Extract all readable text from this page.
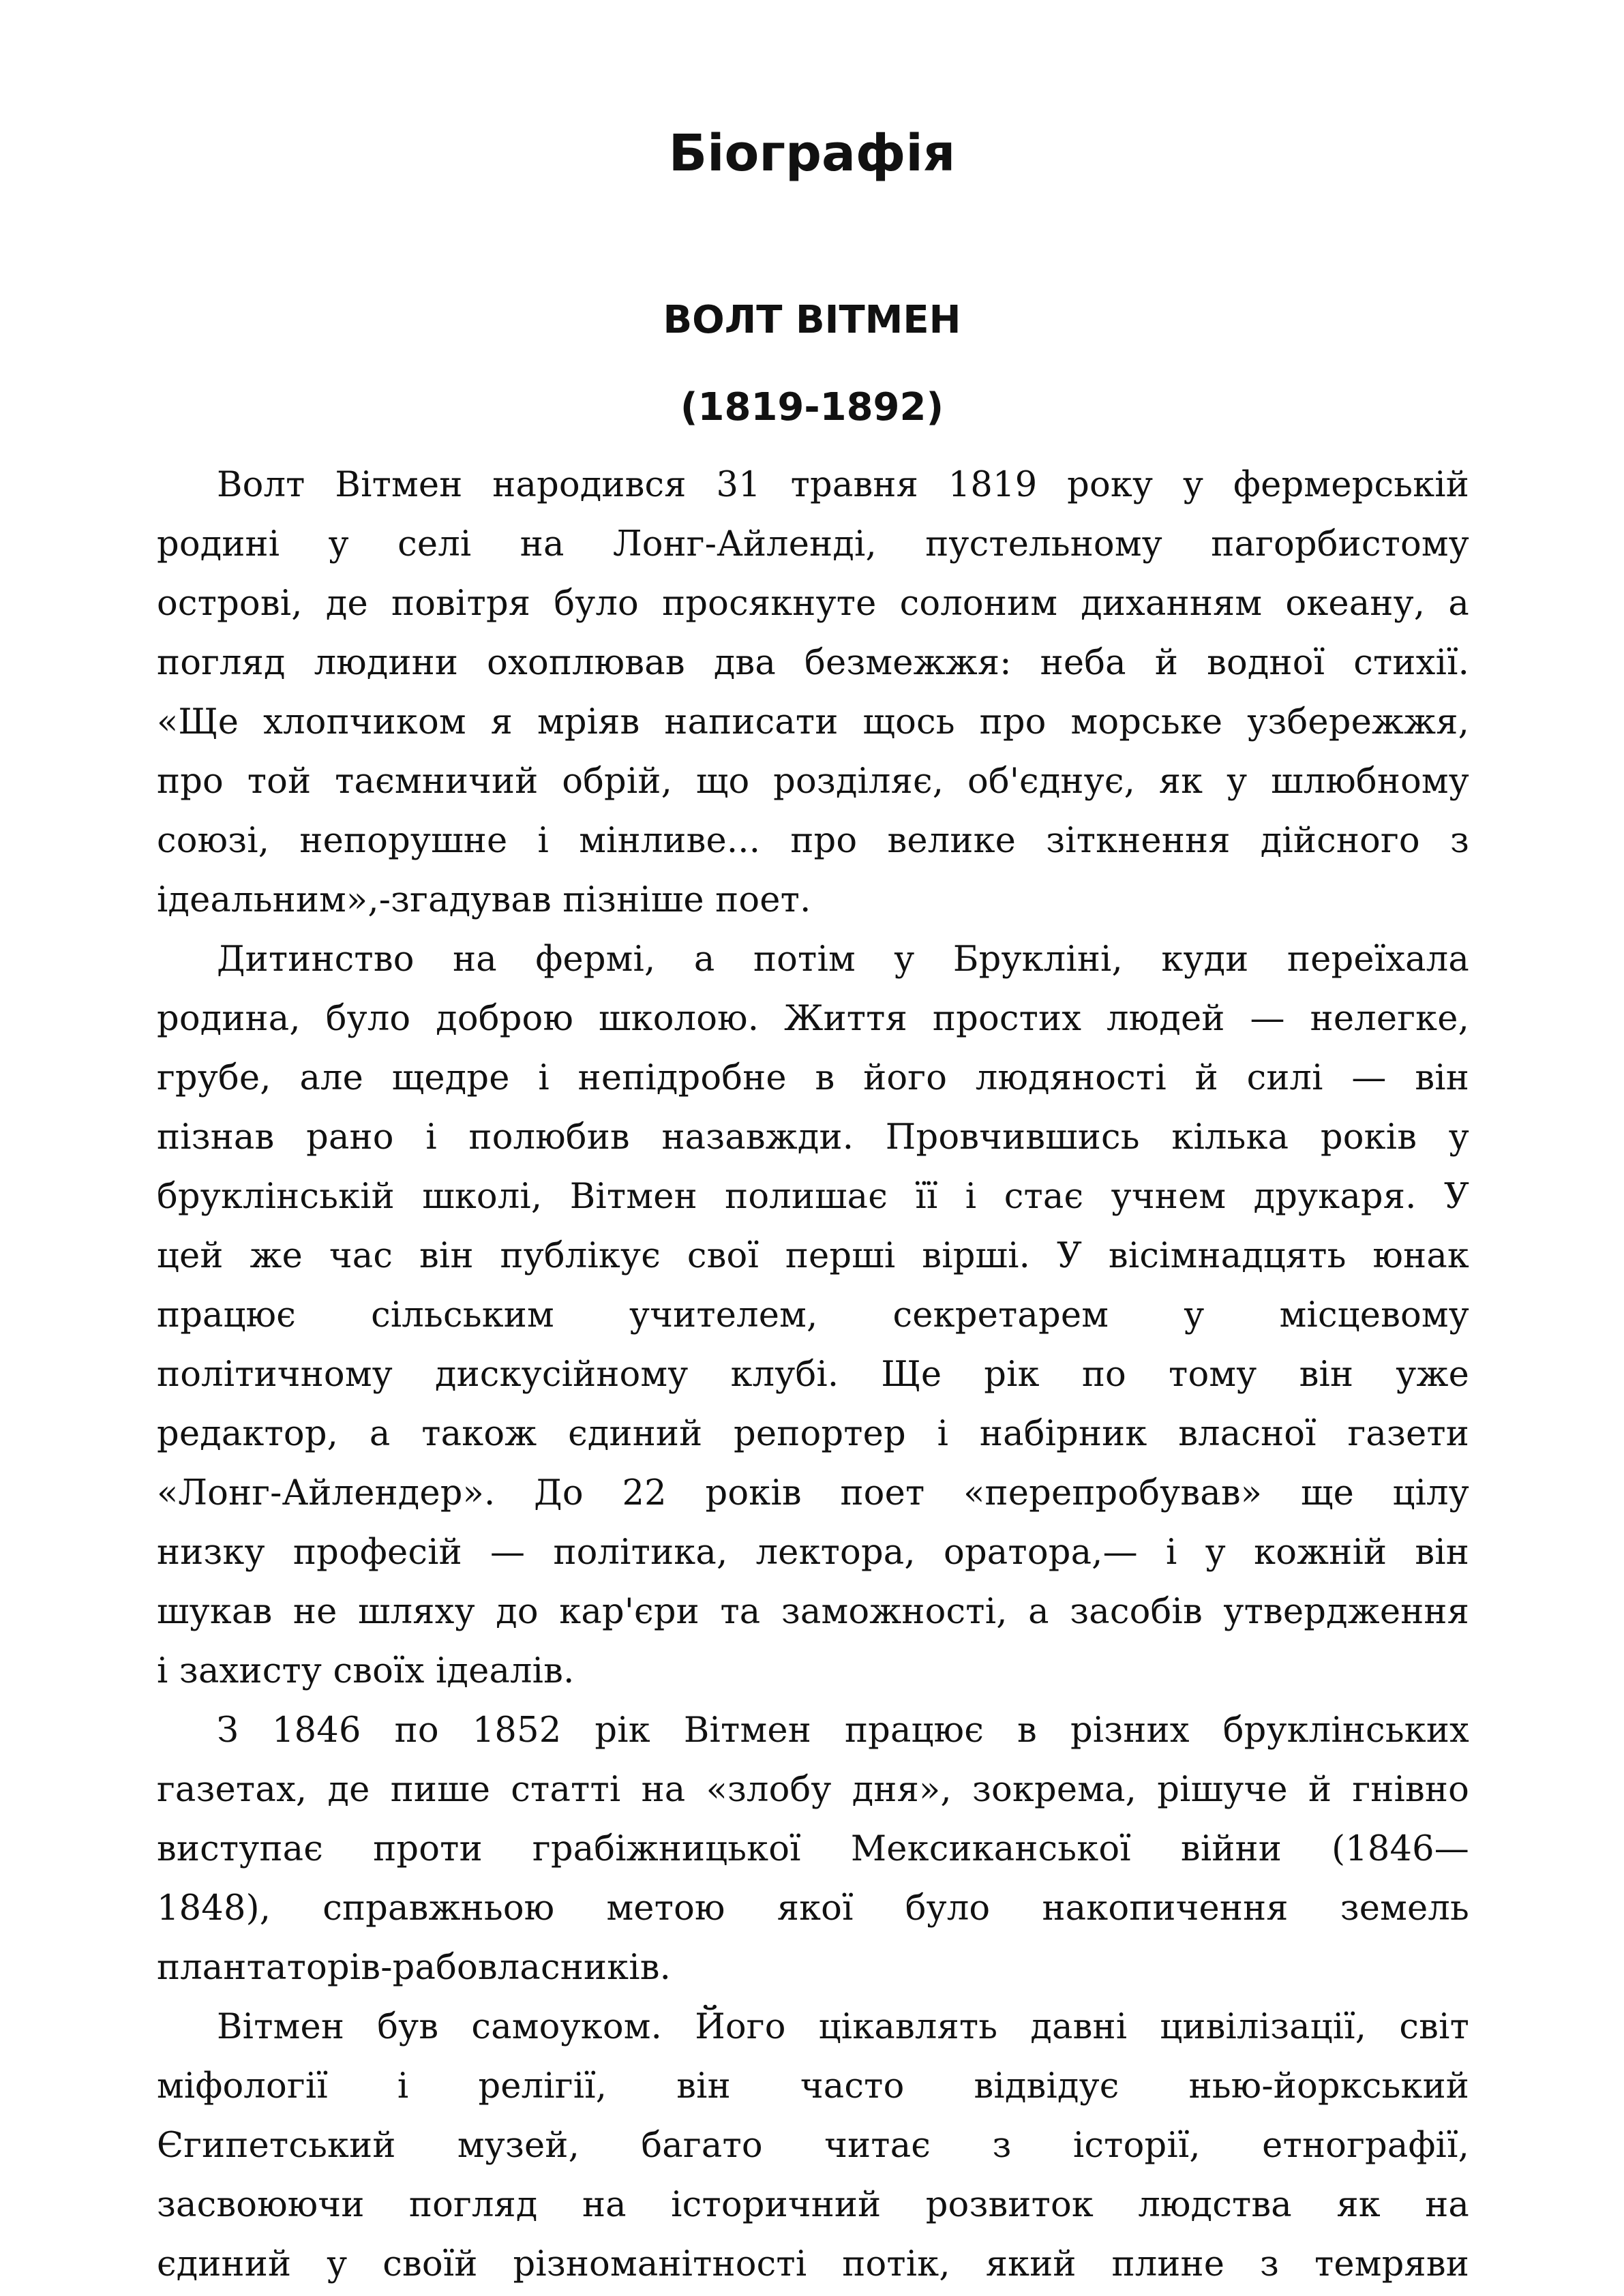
Біографія
ВОЛТ ВІТМЕН
(1819-1892)
Волт Вітмен народився 31 травня 1819 року у фермерській
родині у селі на Лонг-Айленді, пустельному пагорбистому
острові, де повітря було просякнуте солоним диханням океану, а
погляд людини охоплював два безмежжя: неба й водної стихії.
«Ще хлопчиком я мріяв написати щось про морське узбережжя,
про той таємничий обрій, що розділяє, об'єднує, як у шлюбному
союзі, непорушне і мінливе... про велике зіткнення дійсного з
ідеальним»,-згадував пізніше поет.
Дитинство на фермі, а потім у Брукліні, куди переїхала
родина, було доброю школою. Життя простих людей — нелегке,
грубе, але щедре і непідробне в його людяності й силі — він
пізнав рано і полюбив назавжди. Провчившись кілька років у
бруклінській школі, Вітмен полишає її і стає учнем друкаря. У
цей же час він публікує свої перші вірші. У вісімнадцять юнак
працює сільським учителем, секретарем у місцевому
політичному дискусійному клубі. Ще рік по тому він уже
редактор, а також єдиний репортер і набірник власної газети
«Лонг-Айлендер». До 22 років поет «перепробував» ще цілу
низку професій — політика, лектора, оратора,— і у кожній він
шукав не шляху до кар'єри та заможності, а засобів утвердження
і захисту своїх ідеалів.
З 1846 по 1852 рік Вітмен працює в різних бруклінських
газетах, де пише статті на «злобу дня», зокрема, рішуче й гнівно
виступає проти грабіжницької Мексиканської війни (1846—
1848), справжньою метою якої було накопичення земель
плантаторів-рабовласників.
Вітмен був самоуком. Його цікавлять давні цивілізації, світ
міфології і релігії, він часто відвідує нью-йоркський
Єгипетський музей, багато читає з історії, етнографії,
засвоюючи погляд на історичний розвиток людства як на
єдиний у своїй різноманітності потік, який плине з темряви
